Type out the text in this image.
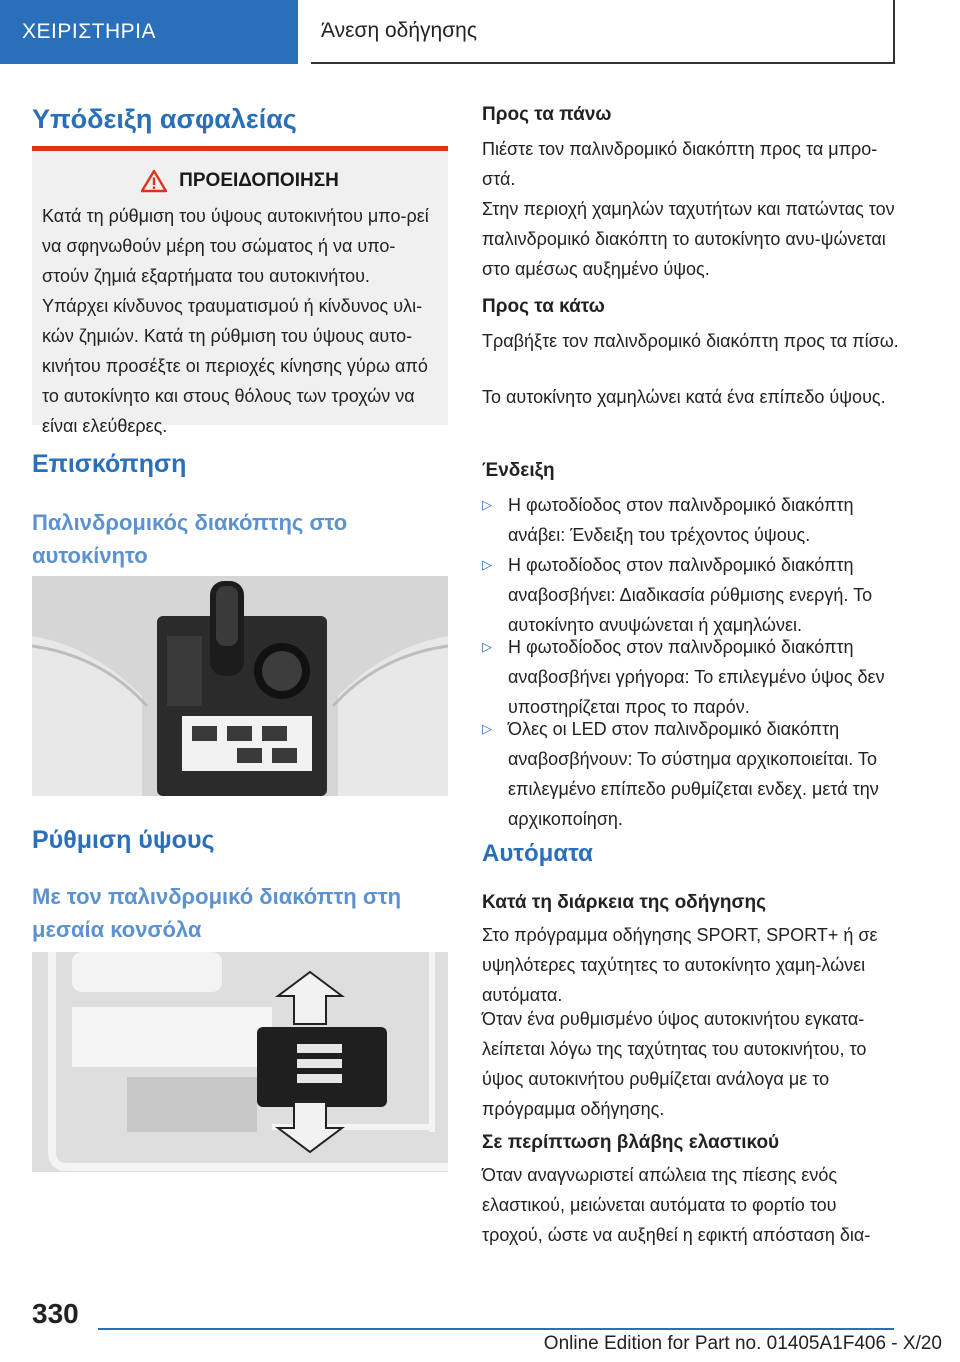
ΧΕΙΡΙΣΤΗΡΙΑ	Άνεση οδήγησης
Υπόδειξη ασφαλείας
ΠΡΟΕΙΔΟΠΟΙΗΣΗ
Κατά τη ρύθμιση του ύψους αυτοκινήτου μπο‐ρεί να σφηνωθούν μέρη του σώματος ή να υπο‐στούν ζημιά εξαρτήματα του αυτοκινήτου. Υπάρχει κίνδυνος τραυματισμού ή κίνδυνος υλι‐κών ζημιών. Κατά τη ρύθμιση του ύψους αυτο‐κινήτου προσέξτε οι περιοχές κίνησης γύρω από το αυτοκίνητο και στους θόλους των τροχών να είναι ελεύθερες.
Επισκόπηση
Παλινδρομικός διακόπτης στο αυτοκίνητο
Ρύθμιση ύψους
Με τον παλινδρομικό διακόπτη στη μεσαία κονσόλα
Προς τα πάνω
Πιέστε τον παλινδρομικό διακόπτη προς τα μπρο‐στά.
Στην περιοχή χαμηλών ταχυτήτων και πατώντας τον παλινδρομικό διακόπτη το αυτοκίνητο ανυ‐ψώνεται στο αμέσως αυξημένο ύψος.
Προς τα κάτω
Τραβήξτε τον παλινδρομικό διακόπτη προς τα πίσω.
Το αυτοκίνητο χαμηλώνει κατά ένα επίπεδο ύψους.
Ένδειξη
▷ Η φωτοδίοδος στον παλινδρομικό διακόπτη ανάβει: Ένδειξη του τρέχοντος ύψους.
▷ Η φωτοδίοδος στον παλινδρομικό διακόπτη αναβοσβήνει: Διαδικασία ρύθμισης ενεργή. Το αυτοκίνητο ανυψώνεται ή χαμηλώνει.
▷ Η φωτοδίοδος στον παλινδρομικό διακόπτη αναβοσβήνει γρήγορα: Το επιλεγμένο ύψος δεν υποστηρίζεται προς το παρόν.
▷ Όλες οι LED στον παλινδρομικό διακόπτη αναβοσβήνουν: Το σύστημα αρχικοποιείται. Το επιλεγμένο επίπεδο ρυθμίζεται ενδεχ. μετά την αρχικοποίηση.
Αυτόματα
Κατά τη διάρκεια της οδήγησης
Στο πρόγραμμα οδήγησης SPORT, SPORT+ ή σε υψηλότερες ταχύτητες το αυτοκίνητο χαμη‐λώνει αυτόματα.
Όταν ένα ρυθμισμένο ύψος αυτοκινήτου εγκατα‐λείπεται λόγω της ταχύτητας του αυτοκινήτου, το ύψος αυτοκινήτου ρυθμίζεται ανάλογα με το πρόγραμμα οδήγησης.
Σε περίπτωση βλάβης ελαστικού
Όταν αναγνωριστεί απώλεια της πίεσης ενός ελαστικού, μειώνεται αυτόματα το φορτίο του τροχού, ώστε να αυξηθεί η εφικτή απόσταση δια‐
330
Online Edition for Part no. 01405A1F406 - X/20
